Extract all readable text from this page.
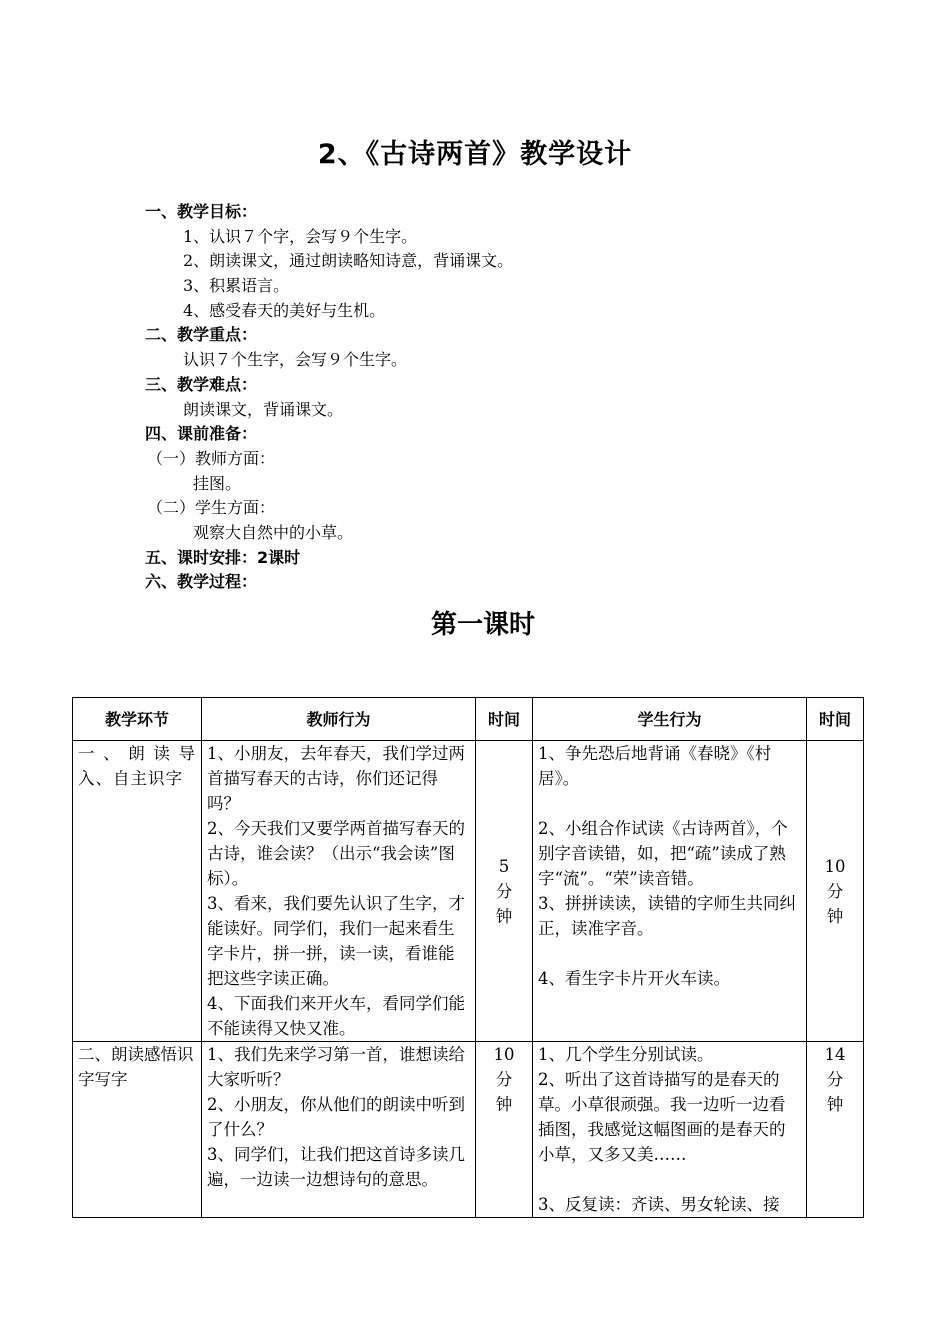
2、《古诗两首》教学设计
一、教学目标：
1、认识７个字，会写９个生字。
2、朗读课文，通过朗读略知诗意，背诵课文。
3、积累语言。
4、感受春天的美好与生机。
二、教学重点：
认识７个生字，会写９个生字。
三、教学难点：
朗读课文，背诵课文。
四、课前准备：
（一）教师方面：
挂图。
（二）学生方面：
观察大自然中的小草。
五、课时安排：2课时
六、教学过程：
第一课时
教学环节	教师行为	时间	学生行为	时间

一、朗读导入、自主识字	1、小朋友，去年春天，我们学过两首描写春天的古诗，你们还记得吗？
2、今天我们又要学两首描写春天的古诗，谁会读？（出示“我会读”图标）。
3、看来，我们要先认识了生字，才能读好。同学们，我们一起来看生字卡片，拼一拼，读一读，看谁能把这些字读正确。
4、下面我们来开火车，看同学们能不能读得又快又准。	5
分
钟	1、争先恐后地背诵《春晓》《村居》。

2、小组合作试读《古诗两首》，个别字音读错，如，把“疏”读成了熟字“流”。“荣”读音错。
3、拼拼读读，读错的字师生共同纠正，读准字音。

4、看生字卡片开火车读。	10
分
钟

二、朗读感悟识字写字	1、我们先来学习第一首，谁想读给大家听听？
2、小朋友，你从他们的朗读中听到了什么？
3、同学们，让我们把这首诗多读几遍，一边读一边想诗句的意思。	10
分
钟	1、几个学生分别试读。
2、听出了这首诗描写的是春天的草。小草很顽强。我一边听一边看插图，我感觉这幅图画的是春天的小草，又多又美……

3、反复读：齐读、男女轮读、接	14
分
钟
